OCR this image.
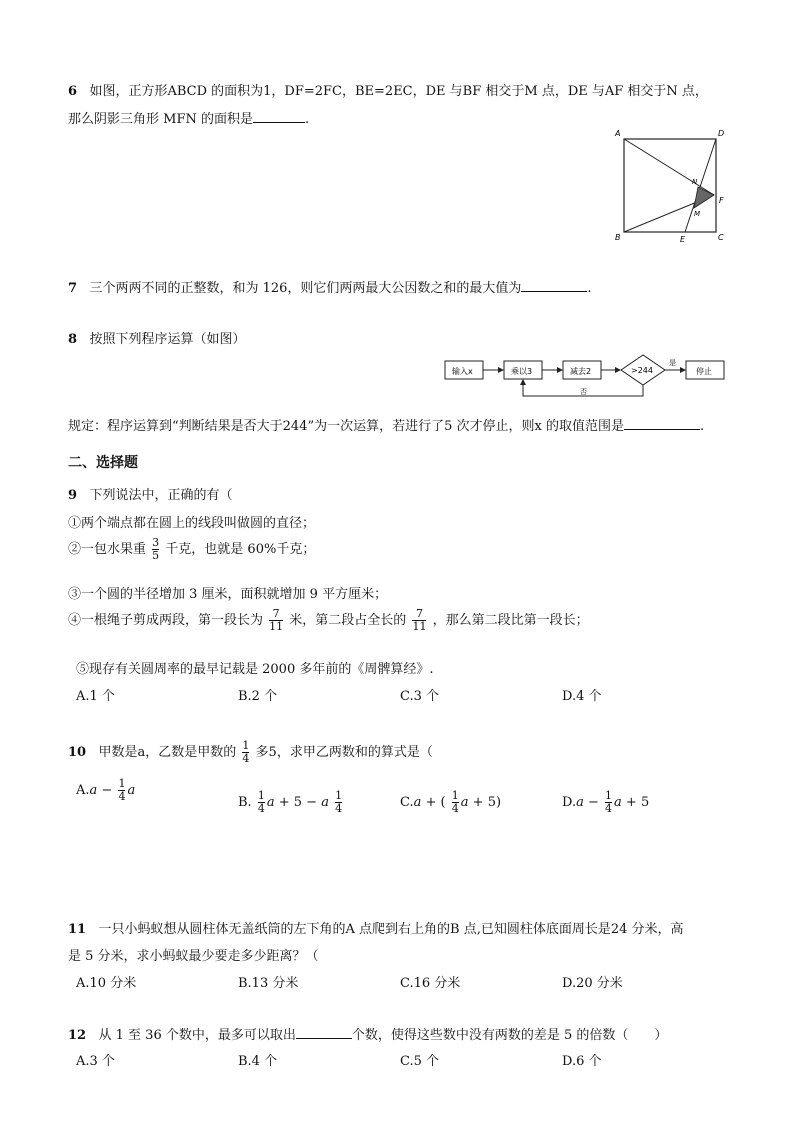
6 如图，正方形ABCD 的面积为1，DF=2FC，BE=2EC，DE 与BF 相交于M 点，DE 与AF 相交于N 点，
那么阴影三角形 MFN 的面积是	.
A	D
N
F
M
B	E	C
7 三个两两不同的正整数，和为 126，则它们两两最大公因数之和的最大值为	.
8 按照下列程序运算（如图）
输入x	乘以3	减去2	>244
是
停止
否
规定：程序运算到“判断结果是否大于244”为一次运算，若进行了5 次才停止，则x 的取值范围是	.
二、选择题
9 下列说法中，正确的有（
①两个端点都在圆上的线段叫做圆的直径；
②一包水果重 $\frac{3}{5}$ 千克，也就是 60%千克；
③一个圆的半径增加 3 厘米，面积就增加 9 平方厘米；
④一根绳子剪成两段，第一段长为 $\frac{7}{11}$ 米，第二段占全长的 $\frac{7}{11}$ ，那么第二段比第一段长；
⑤现存有关圆周率的最早记载是 2000 多年前的《周髀算经》.
A.1 个	B.2 个	C.3 个	D.4 个
10 甲数是a，乙数是甲数的 $\frac{1}{4}$ 多5，求甲乙两数和的算式是（
$A.a - \frac{1}{4}$ a
B. $\frac{1}{4}$ a + 5 − a $\frac{1}{4}$	C.a + ( $\frac{1}{4}$ a + 5)	$D.a - \frac{1}{4}$ a + 5
11 一只小蚂蚁想从圆柱体无盖纸筒的左下角的A 点爬到右上角的B 点,已知圆柱体底面周长是24 分米，高
是 5 分米，求小蚂蚁最少要走多少距离？（
A.10 分米	B.13 分米	C.16 分米	D.20 分米
12 从 1 至 36 个数中，最多可以取出	个数，使得这些数中没有两数的差是 5 的倍数（　　）
A.3 个	B.4 个	C.5 个	D.6 个
